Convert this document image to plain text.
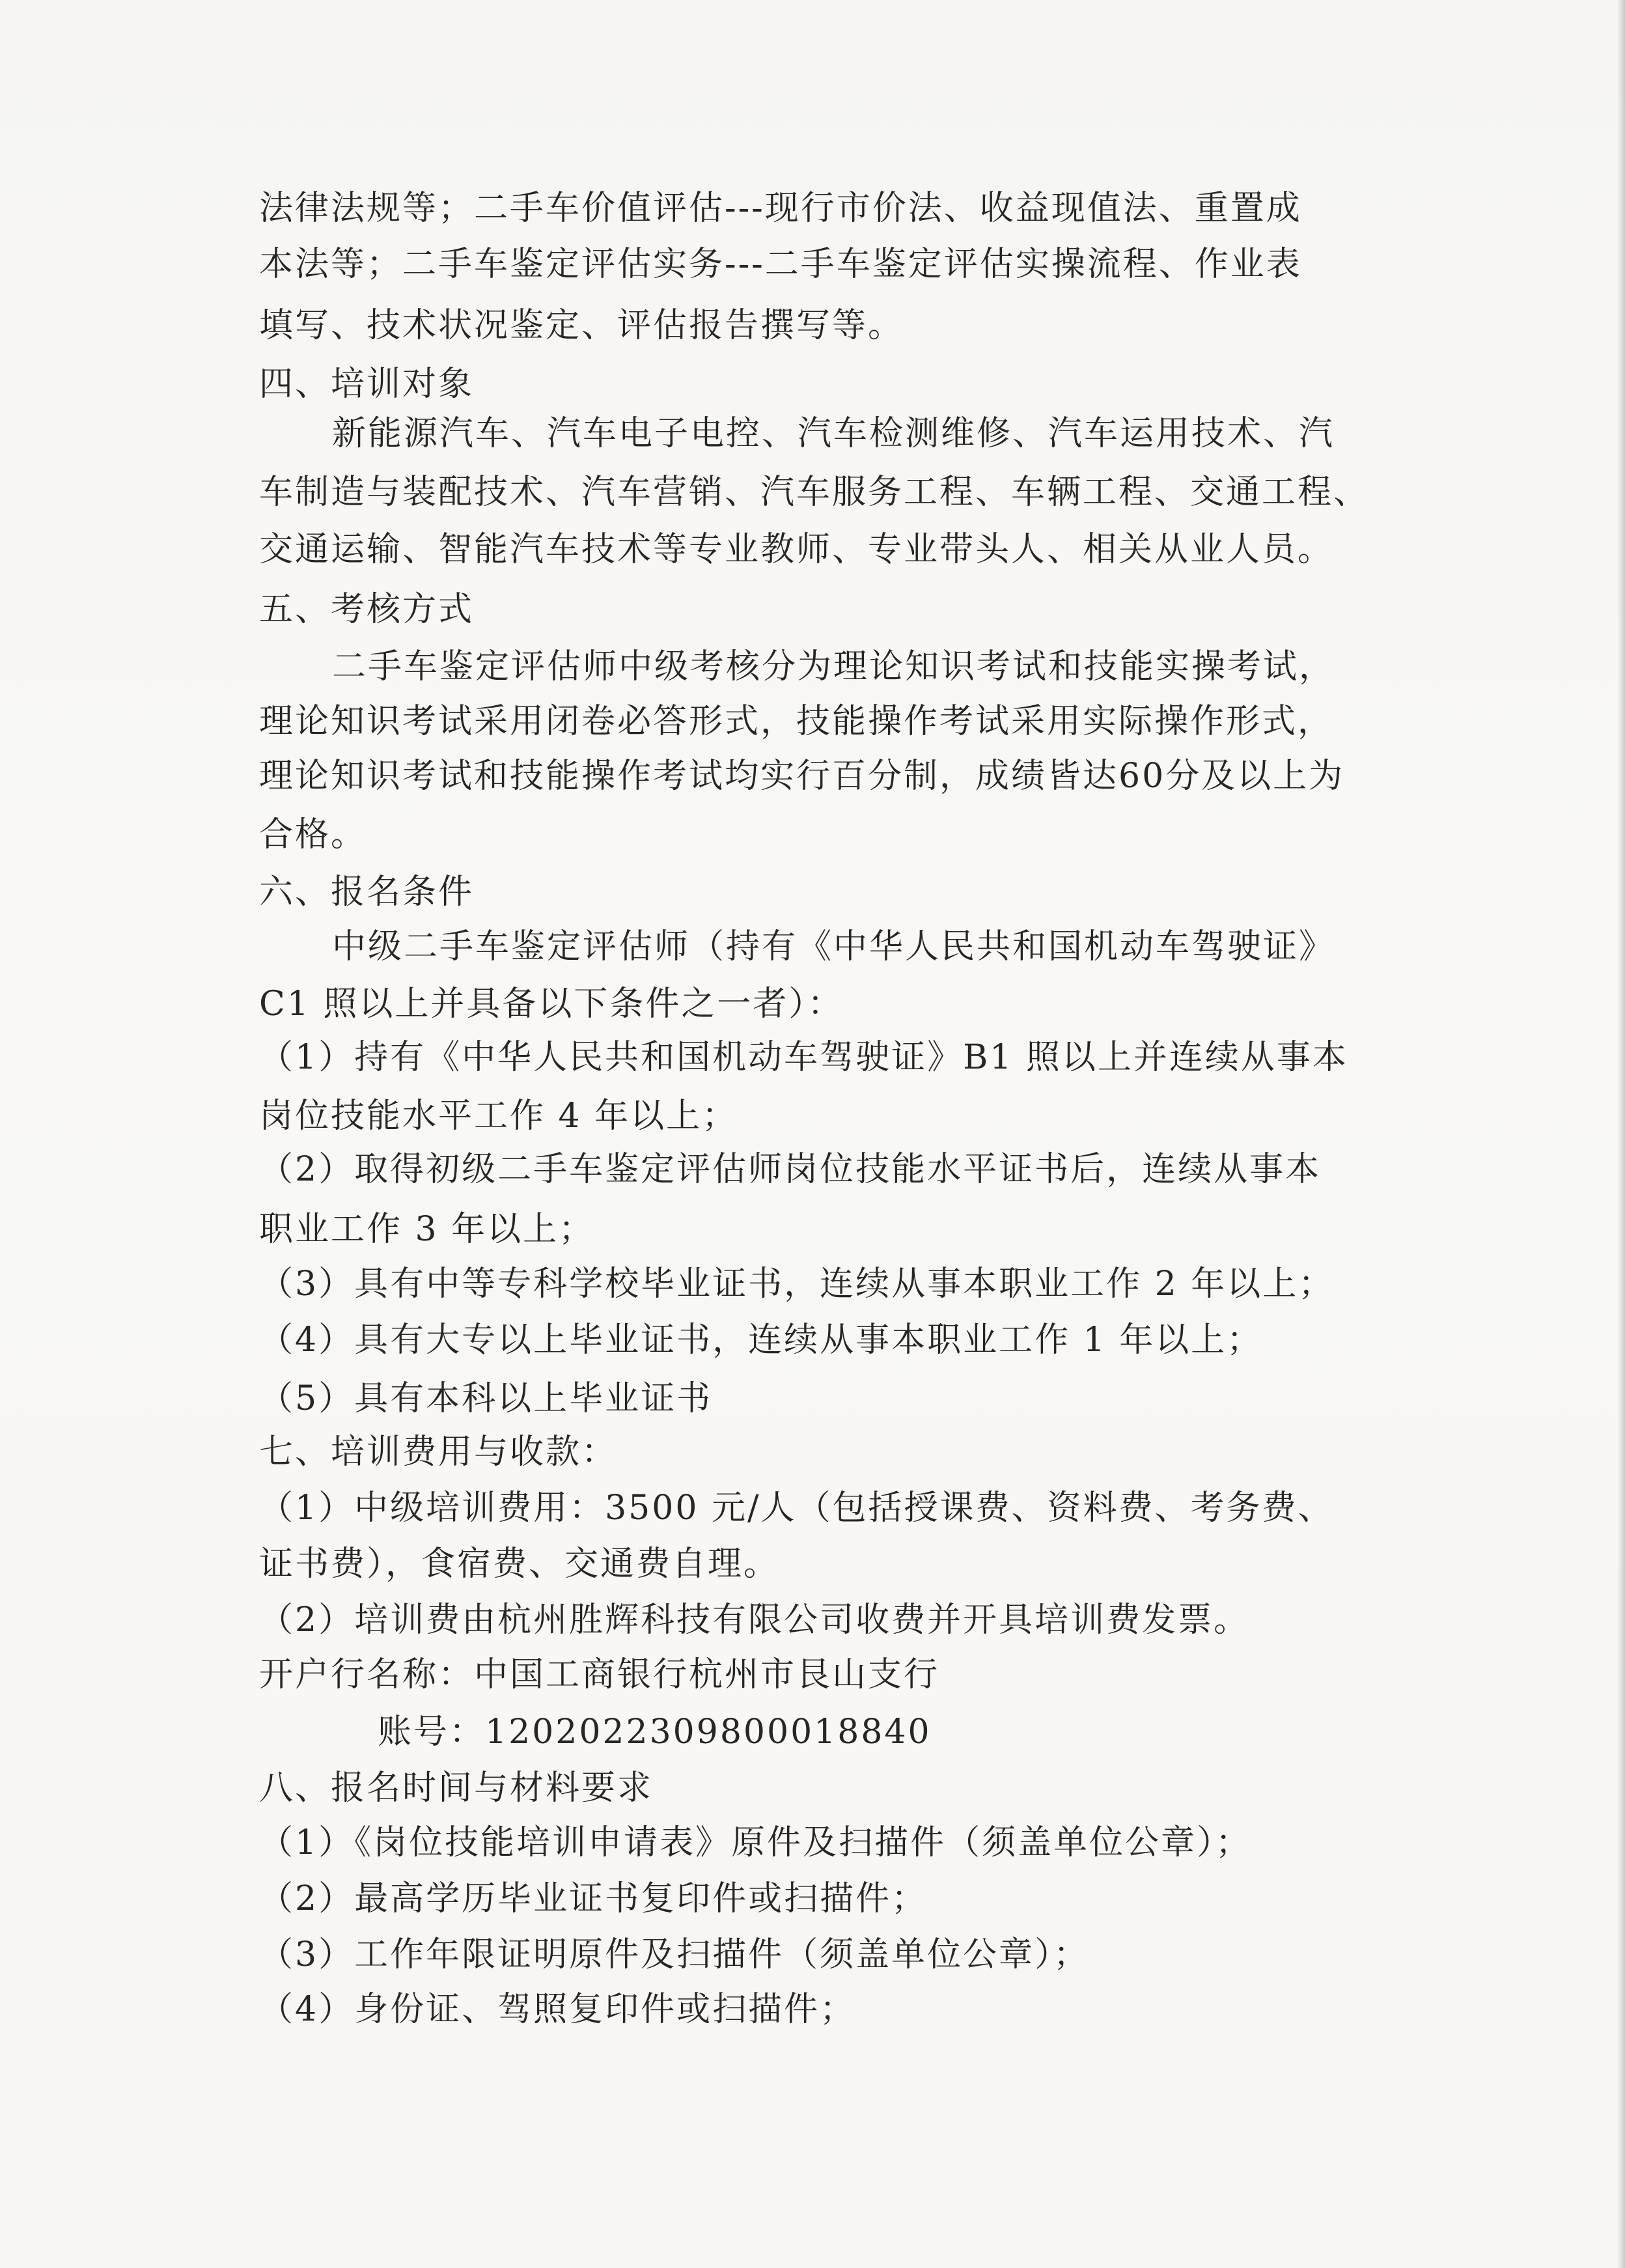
法律法规等；二手车价值评估---现行市价法、收益现值法、重置成
本法等；二手车鉴定评估实务---二手车鉴定评估实操流程、作业表
填写、技术状况鉴定、评估报告撰写等。
四、培训对象
新能源汽车、汽车电子电控、汽车检测维修、汽车运用技术、汽
车制造与装配技术、汽车营销、汽车服务工程、车辆工程、交通工程、
交通运输、智能汽车技术等专业教师、专业带头人、相关从业人员。
五、考核方式
二手车鉴定评估师中级考核分为理论知识考试和技能实操考试，
理论知识考试采用闭卷必答形式，技能操作考试采用实际操作形式，
理论知识考试和技能操作考试均实行百分制，成绩皆达60分及以上为
合格。
六、报名条件
中级二手车鉴定评估师（持有《中华人民共和国机动车驾驶证》
C1 照以上并具备以下条件之一者）：
（1）持有《中华人民共和国机动车驾驶证》B1 照以上并连续从事本
岗位技能水平工作 4 年以上；
（2）取得初级二手车鉴定评估师岗位技能水平证书后，连续从事本
职业工作 3 年以上；
（3）具有中等专科学校毕业证书，连续从事本职业工作 2 年以上；
（4）具有大专以上毕业证书，连续从事本职业工作 1 年以上；
（5）具有本科以上毕业证书
七、培训费用与收款：
（1）中级培训费用：3500 元/人（包括授课费、资料费、考务费、
证书费），食宿费、交通费自理。
（2）培训费由杭州胜辉科技有限公司收费并开具培训费发票。
开户行名称：中国工商银行杭州市艮山支行
账号：1202022309800018840
八、报名时间与材料要求
（1）《岗位技能培训申请表》原件及扫描件（须盖单位公章）；
（2）最高学历毕业证书复印件或扫描件；
（3）工作年限证明原件及扫描件（须盖单位公章）；
（4）身份证、驾照复印件或扫描件；
